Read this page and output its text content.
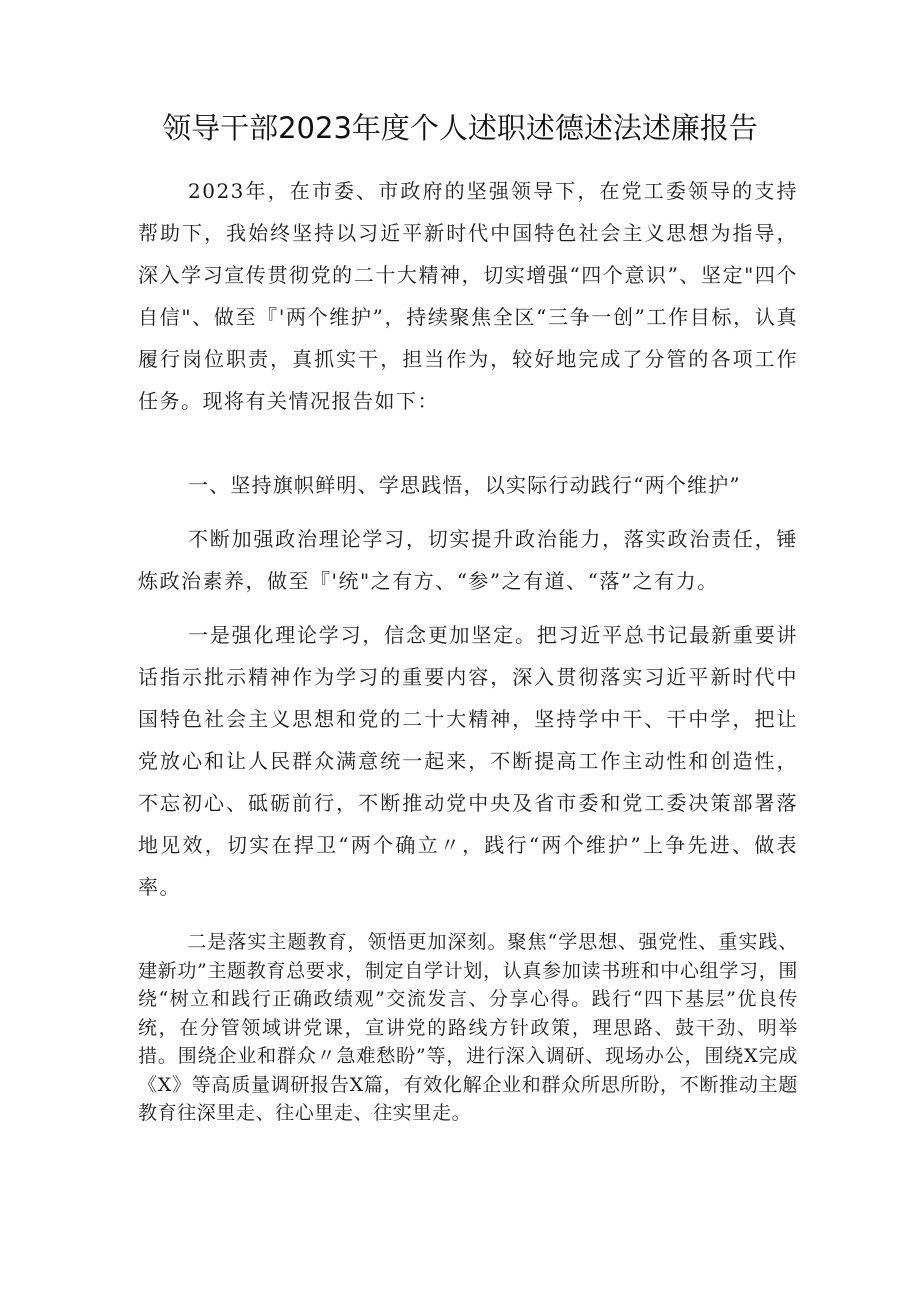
领导干部2023年度个人述职述德述法述廉报告

2023年，在市委、市政府的坚强领导下，在党工委领导的支持帮助下，我始终坚持以习近平新时代中国特色社会主义思想为指导，深入学习宣传贯彻党的二十大精神，切实增强“四个意识”、坚定"四个自信"、做至『'两个维护”，持续聚焦全区“三争一创”工作目标，认真履行岗位职责，真抓实干，担当作为，较好地完成了分管的各项工作任务。现将有关情况报告如下：

一、坚持旗帜鲜明、学思践悟，以实际行动践行“两个维护”

不断加强政治理论学习，切实提升政治能力，落实政治责任，锤炼政治素养，做至『'统"之有方、“参”之有道、“落”之有力。

一是强化理论学习，信念更加坚定。把习近平总书记最新重要讲话指示批示精神作为学习的重要内容，深入贯彻落实习近平新时代中国特色社会主义思想和党的二十大精神，坚持学中干、干中学，把让党放心和让人民群众满意统一起来，不断提高工作主动性和创造性，不忘初心、砥砺前行，不断推动党中央及省市委和党工委决策部署落地见效，切实在捍卫“两个确立〃，践行“两个维护”上争先进、做表率。

二是落实主题教育，领悟更加深刻。聚焦“学思想、强党性、重实践、建新功”主题教育总要求，制定自学计划，认真参加读书班和中心组学习，围绕“树立和践行正确政绩观”交流发言、分享心得。践行“四下基层”优良传统，在分管领域讲党课，宣讲党的路线方针政策，理思路、鼓干劲、明举措。围绕企业和群众〃急难愁盼”等，进行深入调研、现场办公，围绕X完成《X》等高质量调研报告X篇，有效化解企业和群众所思所盼，不断推动主题教育往深里走、往心里走、往实里走。
